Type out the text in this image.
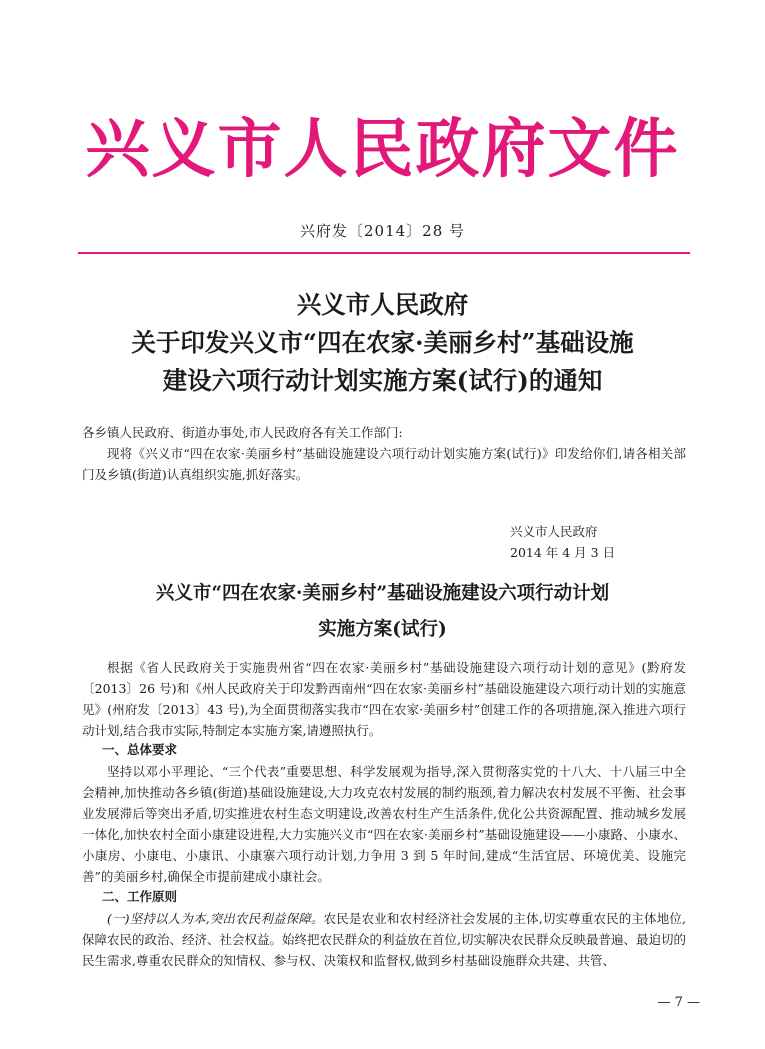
兴义市人民政府文件
兴府发〔2014〕28 号
兴义市人民政府
关于印发兴义市“四在农家·美丽乡村”基础设施
建设六项行动计划实施方案(试行)的通知
各乡镇人民政府、街道办事处,市人民政府各有关工作部门:
现将《兴义市“四在农家·美丽乡村”基础设施建设六项行动计划实施方案(试行)》印发给你们,请各相关部门及乡镇(街道)认真组织实施,抓好落实。
兴义市人民政府
2014 年 4 月 3 日
兴义市“四在农家·美丽乡村”基础设施建设六项行动计划
实施方案(试行)
根据《省人民政府关于实施贵州省“四在农家·美丽乡村”基础设施建设六项行动计划的意见》(黔府发〔2013〕26 号)和《州人民政府关于印发黔西南州“四在农家·美丽乡村”基础设施建设六项行动计划的实施意见》(州府发〔2013〕43 号),为全面贯彻落实我市“四在农家·美丽乡村”创建工作的各项措施,深入推进六项行动计划,结合我市实际,特制定本实施方案,请遵照执行。
一、总体要求
坚持以邓小平理论、“三个代表”重要思想、科学发展观为指导,深入贯彻落实党的十八大、十八届三中全会精神,加快推动各乡镇(街道)基础设施建设,大力攻克农村发展的制约瓶颈,着力解决农村发展不平衡、社会事业发展滞后等突出矛盾,切实推进农村生态文明建设,改善农村生产生活条件,优化公共资源配置、推动城乡发展一体化,加快农村全面小康建设进程,大力实施兴义市“四在农家·美丽乡村”基础设施建设——小康路、小康水、小康房、小康电、小康讯、小康寨六项行动计划,力争用 3 到 5 年时间,建成“生活宜居、环境优美、设施完善”的美丽乡村,确保全市提前建成小康社会。
二、工作原则
(一)坚持以人为本,突出农民利益保障。农民是农业和农村经济社会发展的主体,切实尊重农民的主体地位,保障农民的政治、经济、社会权益。始终把农民群众的利益放在首位,切实解决农民群众反映最普遍、最迫切的民生需求,尊重农民群众的知情权、参与权、决策权和监督权,做到乡村基础设施群众共建、共管、
— 7 —
